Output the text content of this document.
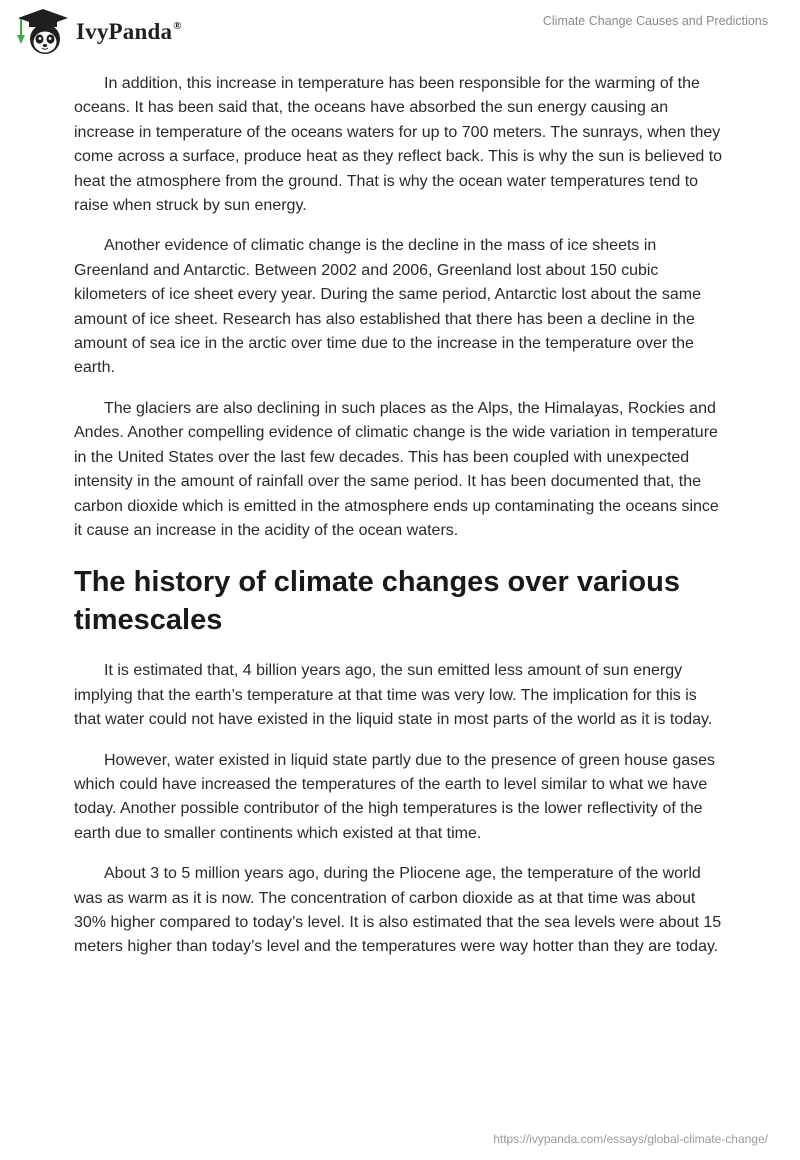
IvyPanda®	Climate Change Causes and Predictions

In addition, this increase in temperature has been responsible for the warming of the oceans. It has been said that, the oceans have absorbed the sun energy causing an increase in temperature of the oceans waters for up to 700 meters. The sunrays, when they come across a surface, produce heat as they reflect back. This is why the sun is believed to heat the atmosphere from the ground. That is why the ocean water temperatures tend to raise when struck by sun energy.

Another evidence of climatic change is the decline in the mass of ice sheets in Greenland and Antarctic. Between 2002 and 2006, Greenland lost about 150 cubic kilometers of ice sheet every year. During the same period, Antarctic lost about the same amount of ice sheet. Research has also established that there has been a decline in the amount of sea ice in the arctic over time due to the increase in the temperature over the earth.

The glaciers are also declining in such places as the Alps, the Himalayas, Rockies and Andes. Another compelling evidence of climatic change is the wide variation in temperature in the United States over the last few decades. This has been coupled with unexpected intensity in the amount of rainfall over the same period. It has been documented that, the carbon dioxide which is emitted in the atmosphere ends up contaminating the oceans since it cause an increase in the acidity of the ocean waters.

The history of climate changes over various timescales

It is estimated that, 4 billion years ago, the sun emitted less amount of sun energy implying that the earth’s temperature at that time was very low. The implication for this is that water could not have existed in the liquid state in most parts of the world as it is today.

However, water existed in liquid state partly due to the presence of green house gases which could have increased the temperatures of the earth to level similar to what we have today. Another possible contributor of the high temperatures is the lower reflectivity of the earth due to smaller continents which existed at that time.

About 3 to 5 million years ago, during the Pliocene age, the temperature of the world was as warm as it is now. The concentration of carbon dioxide as at that time was about 30% higher compared to today’s level. It is also estimated that the sea levels were about 15 meters higher than today’s level and the temperatures were way hotter than they are today.

https://ivypanda.com/essays/global-climate-change/
